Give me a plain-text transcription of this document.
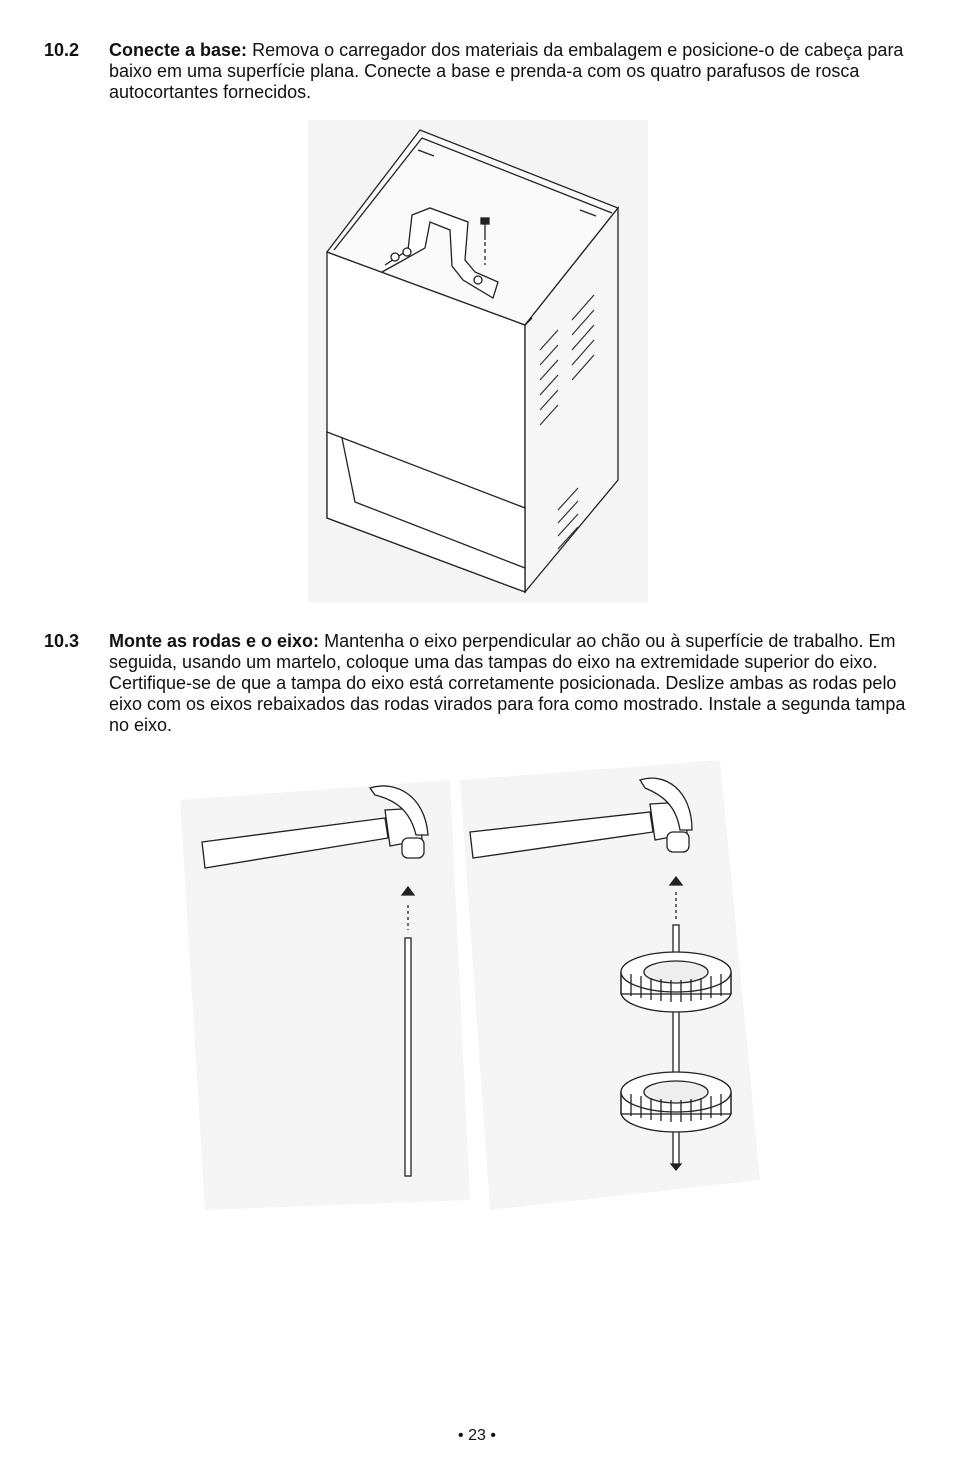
10.2 Conecte a base: Remova o carregador dos materiais da embalagem e posicione-o de cabeça para baixo em uma superfície plana. Conecte a base e prenda-a com os quatro parafusos de rosca autocortantes fornecidos.
10.3 Monte as rodas e o eixo: Mantenha o eixo perpendicular ao chão ou à superfície de trabalho. Em seguida, usando um martelo, coloque uma das tampas do eixo na extremidade superior do eixo. Certifique-se de que a tampa do eixo está corretamente posicionada. Deslize ambas as rodas pelo eixo com os eixos rebaixados das rodas virados para fora como mostrado. Instale a segunda tampa no eixo.
• 23 •
